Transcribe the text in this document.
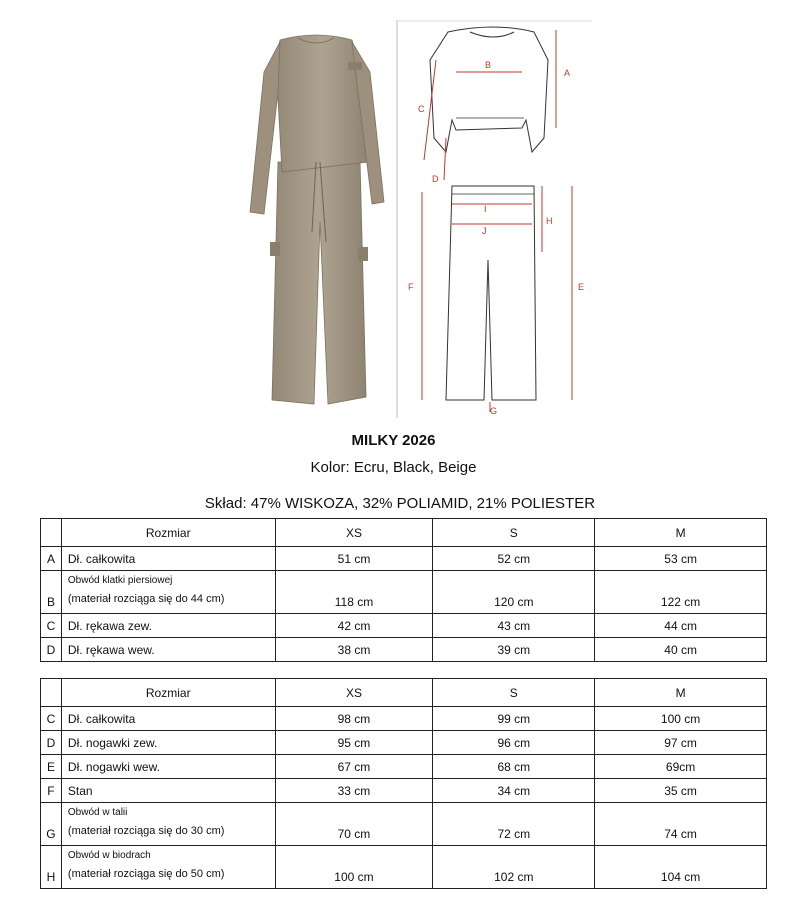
A
B
C
D
E
F
G
H
I
J
MILKY 2026
Kolor: Ecru, Black, Beige
Skład: 47% WISKOZA, 32% POLIAMID, 21% POLIESTER
	Rozmiar	XS	S	M
A	Dł. całkowita	51 cm	52 cm	53 cm
B	Obwód klatki piersiowej
(materiał rozciąga się do 44 cm)	118 cm	120 cm	122 cm
C	Dł. rękawa zew.	42 cm	43 cm	44 cm
D	Dł. rękawa wew.	38 cm	39 cm	40 cm
	Rozmiar	XS	S	M
C	Dł. całkowita	98 cm	99 cm	100 cm
D	Dł. nogawki zew.	95 cm	96 cm	97 cm
E	Dł. nogawki wew.	67 cm	68 cm	69cm
F	Stan	33 cm	34 cm	35 cm
G	Obwód w talii
(materiał rozciąga się do 30 cm)	70 cm	72 cm	74 cm
H	Obwód w biodrach
(materiał rozciąga się do 50 cm)	100 cm	102 cm	104 cm
